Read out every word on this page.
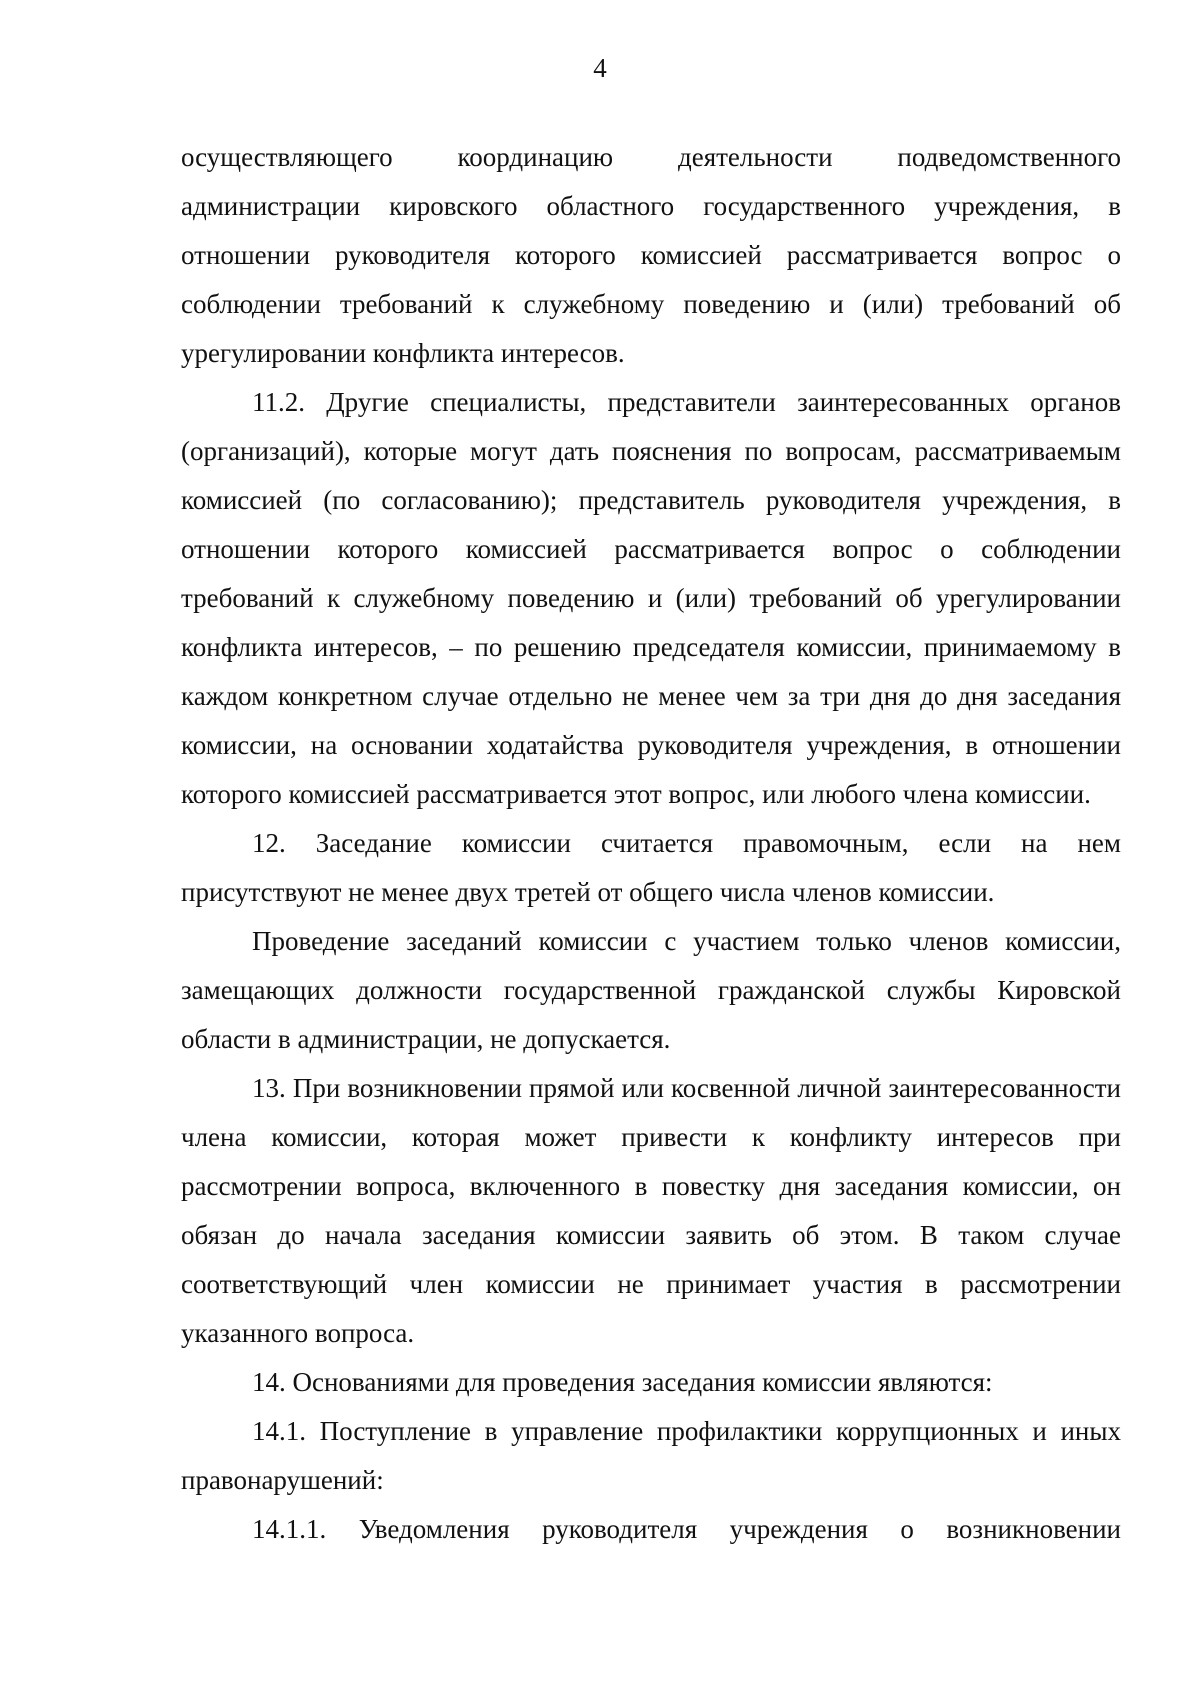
4

осуществляющего координацию деятельности подведомственного администрации кировского областного государственного учреждения, в отношении руководителя которого комиссией рассматривается вопрос о соблюдении требований к служебному поведению и (или) требований об урегулировании конфликта интересов.

11.2. Другие специалисты, представители заинтересованных органов (организаций), которые могут дать пояснения по вопросам, рассматриваемым комиссией (по согласованию); представитель руководителя учреждения, в отношении которого комиссией рассматривается вопрос о соблюдении требований к служебному поведению и (или) требований об урегулировании конфликта интересов, – по решению председателя комиссии, принимаемому в каждом конкретном случае отдельно не менее чем за три дня до дня заседания комиссии, на основании ходатайства руководителя учреждения, в отношении которого комиссией рассматривается этот вопрос, или любого члена комиссии.

12. Заседание комиссии считается правомочным, если на нем присутствуют не менее двух третей от общего числа членов комиссии.

Проведение заседаний комиссии с участием только членов комиссии, замещающих должности государственной гражданской службы Кировской области в администрации, не допускается.

13. При возникновении прямой или косвенной личной заинтересованности члена комиссии, которая может привести к конфликту интересов при рассмотрении вопроса, включенного в повестку дня заседания комиссии, он обязан до начала заседания комиссии заявить об этом. В таком случае соответствующий член комиссии не принимает участия в рассмотрении указанного вопроса.

14. Основаниями для проведения заседания комиссии являются:

14.1. Поступление в управление профилактики коррупционных и иных правонарушений:

14.1.1. Уведомления руководителя учреждения о возникновении
